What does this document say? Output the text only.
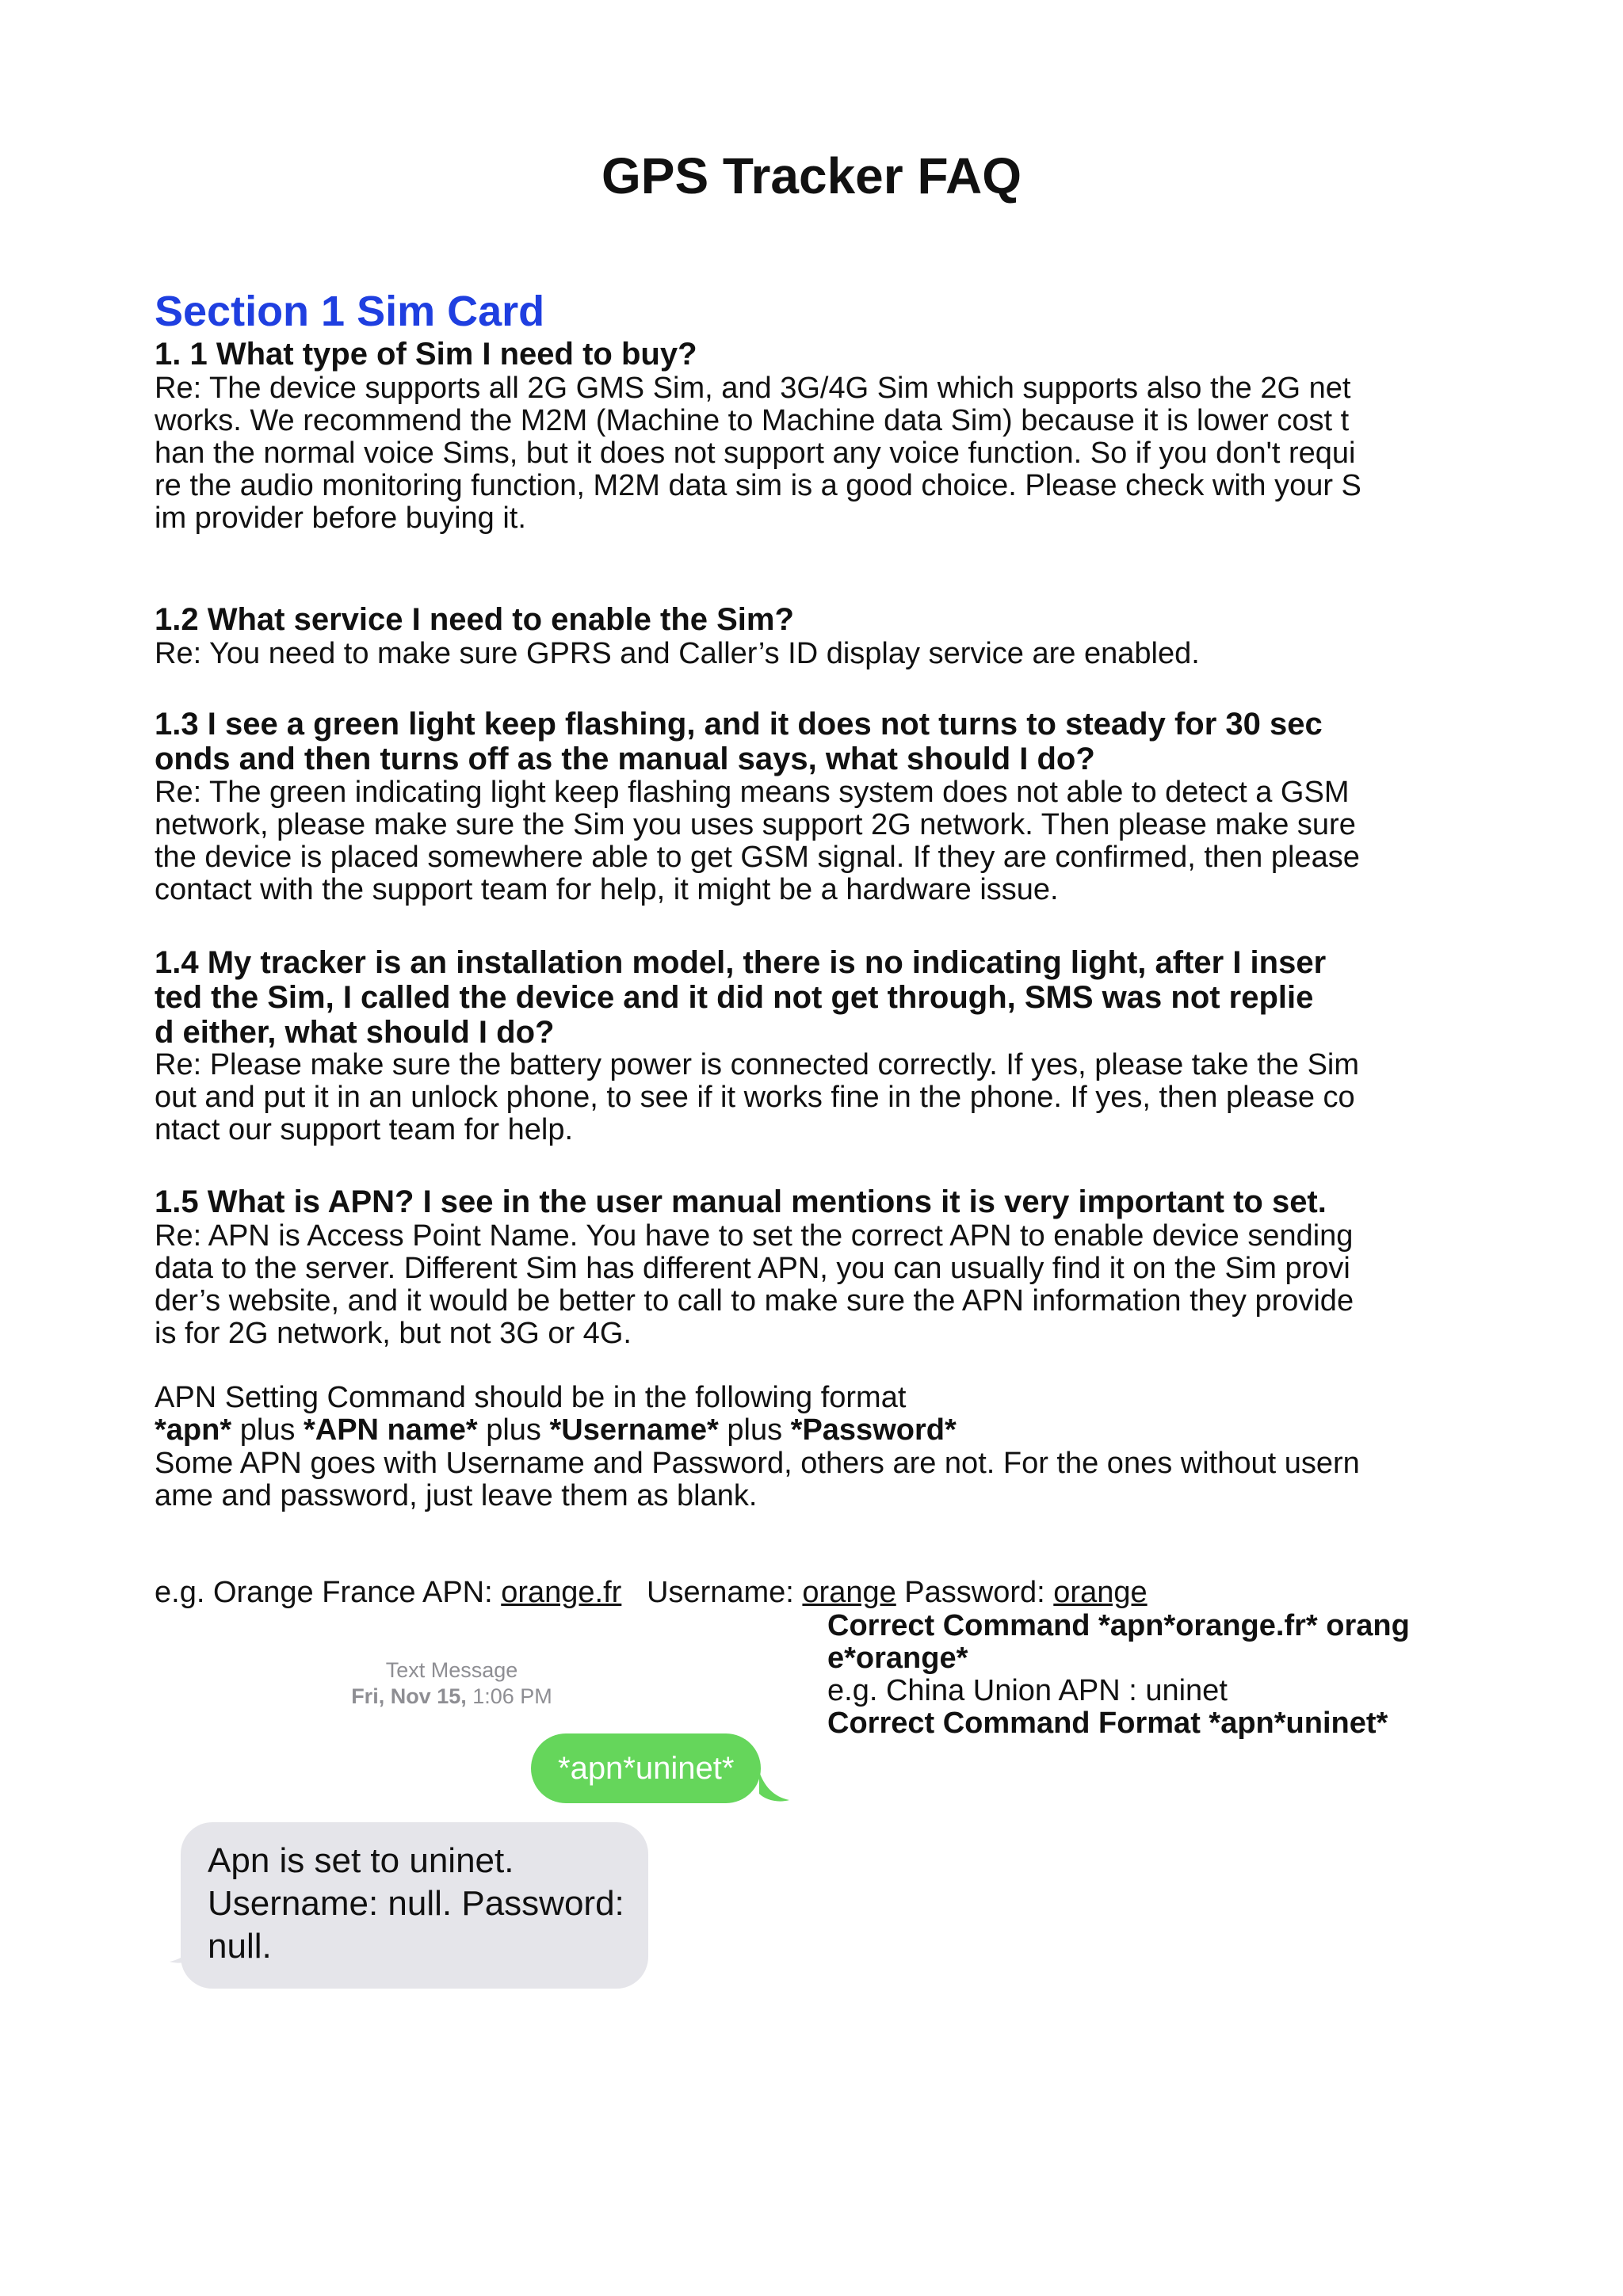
GPS Tracker FAQ
Section 1 Sim Card
1. 1 What type of Sim I need to buy?
Re: The device supports all 2G GMS Sim, and 3G/4G Sim which supports also the 2G net
works. We recommend the M2M (Machine to Machine data Sim) because it is lower cost t
han the normal voice Sims, but it does not support any voice function. So if you don't requi
re the audio monitoring function, M2M data sim is a good choice. Please check with your S
im provider before buying it.
1.2 What service I need to enable the Sim?
Re: You need to make sure GPRS and Caller’s ID display service are enabled.
1.3 I see a green light keep flashing, and it does not turns to steady for 30 sec
onds and then turns off as the manual says, what should I do?
Re: The green indicating light keep flashing means system does not able to detect a GSM
network, please make sure the Sim you uses support 2G network. Then please make sure
the device is placed somewhere able to get GSM signal. If they are confirmed, then please
contact with the support team for help, it might be a hardware issue.
1.4 My tracker is an installation model, there is no indicating light, after I inser
ted the Sim, I called the device and it did not get through, SMS was not replie
d either, what should I do?
Re: Please make sure the battery power is connected correctly. If yes, please take the Sim
out and put it in an unlock phone, to see if it works fine in the phone. If yes, then please co
ntact our support team for help.
1.5 What is APN? I see in the user manual mentions it is very important to set.
Re: APN is Access Point Name. You have to set the correct APN to enable device sending
data to the server. Different Sim has different APN, you can usually find it on the Sim provi
der’s website, and it would be better to call to make sure the APN information they provide
is for 2G network, but not 3G or 4G.
APN Setting Command should be in the following format
*apn* plus *APN name* plus *Username* plus *Password*
Some APN goes with Username and Password, others are not. For the ones without usern
ame and password, just leave them as blank.
e.g. Orange France APN: orange.fr Username: orange Password: orange
Correct Command *apn*orange.fr* orang
e*orange*
e.g. China Union APN : uninet
Correct Command Format *apn*uninet*
Text Message
Fri, Nov 15, 1:06 PM
*apn*uninet*
Apn is set to uninet.
Username: null. Password:
null.
